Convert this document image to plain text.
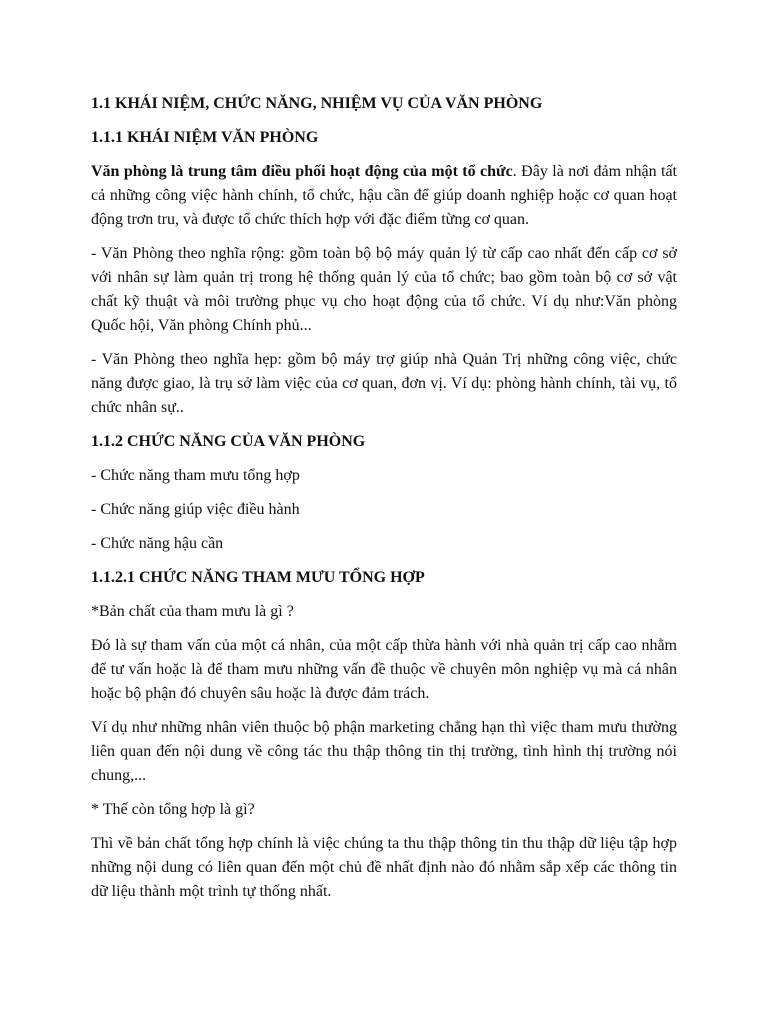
1.1 KHÁI NIỆM, CHỨC NĂNG, NHIỆM VỤ CỦA VĂN PHÒNG
1.1.1 KHÁI NIỆM VĂN PHÒNG
Văn phòng là trung tâm điều phối hoạt động của một tổ chức. Đây là nơi đảm nhận tất cả những công việc hành chính, tổ chức, hậu cần để giúp doanh nghiệp hoặc cơ quan hoạt động trơn tru, và được tổ chức thích hợp với đặc điểm từng cơ quan.
- Văn Phòng theo nghĩa rộng: gồm toàn bộ bộ máy quản lý từ cấp cao nhất đến cấp cơ sở với nhân sự làm quản trị trong hệ thống quản lý của tổ chức; bao gồm toàn bộ cơ sở vật chất kỹ thuật và môi trường phục vụ cho hoạt động của tổ chức. Ví dụ như:Văn phòng Quốc hội, Văn phòng Chính phủ...
- Văn Phòng theo nghĩa hẹp: gồm bộ máy trợ giúp nhà Quản Trị những công việc, chức năng được giao, là trụ sở làm việc của cơ quan, đơn vị. Ví dụ: phòng hành chính, tài vụ, tổ chức nhân sự..
1.1.2 CHỨC NĂNG CỦA VĂN PHÒNG
- Chức năng tham mưu tổng hợp
- Chức năng giúp việc điều hành
- Chức năng hậu cần
1.1.2.1 CHỨC NĂNG THAM MƯU TỔNG HỢP
*Bản chất của tham mưu là gì ?
Đó là sự tham vấn của một cá nhân, của một cấp thừa hành với nhà quản trị cấp cao nhằm để tư vấn hoặc là để tham mưu những vấn đề thuộc về chuyên môn nghiệp vụ mà cá nhân hoặc bộ phận đó chuyên sâu hoặc là được đảm trách.
Ví dụ như những nhân viên thuộc bộ phận marketing chẳng hạn thì việc tham mưu thường liên quan đến nội dung về công tác thu thập thông tin thị trường, tình hình thị trường nói chung,...
* Thế còn tổng hợp là gì?
Thì về bản chất tổng hợp chính là việc chúng ta thu thập thông tin thu thập dữ liệu tập hợp những nội dung có liên quan đến một chủ đề nhất định nào đó nhằm sắp xếp các thông tin dữ liệu thành một trình tự thống nhất.
